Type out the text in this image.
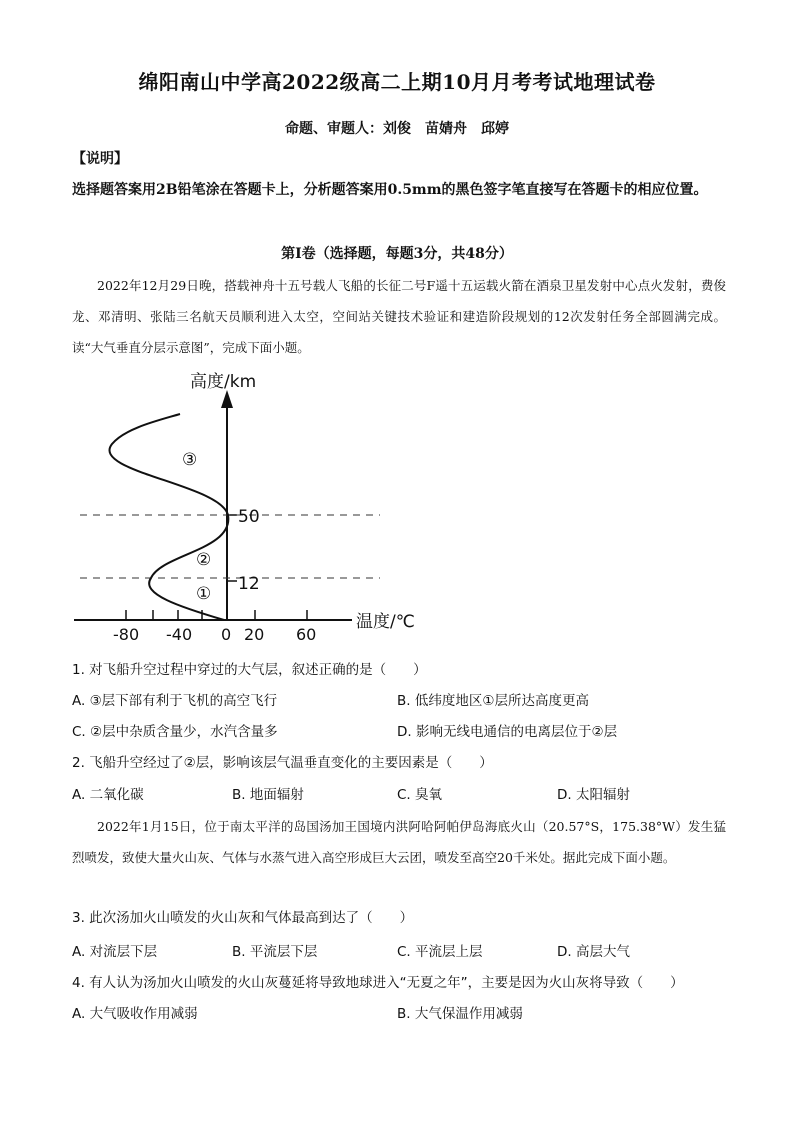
绵阳南山中学高2022级高二上期10月月考考试地理试卷
命题、审题人：刘俊　苗婧舟　邱婷
【说明】
选择题答案用2B铅笔涂在答题卡上，分析题答案用0.5mm的黑色签字笔直接写在答题卡的相应位置。
第Ⅰ卷（选择题，每题3分，共48分）
2022年12月29日晚，搭载神舟十五号载人飞船的长征二号F遥十五运载火箭在酒泉卫星发射中心点火发射，费俊龙、邓清明、张陆三名航天员顺利进入太空，空间站关键技术验证和建造阶段规划的12次发射任务全部圆满完成。读“大气垂直分层示意图”，完成下面小题。
高度/km
温度/℃
-80 -40 0 20 60
12
50
①
②
③
1. 对飞船升空过程中穿过的大气层，叙述正确的是（　　）
A. ③层下部有利于飞机的高空飞行	B. 低纬度地区①层所达高度更高
C. ②层中杂质含量少，水汽含量多	D. 影响无线电通信的电离层位于②层
2. 飞船升空经过了②层，影响该层气温垂直变化的主要因素是（　　）
A. 二氧化碳	B. 地面辐射	C. 臭氧	D. 太阳辐射
2022年1月15日，位于南太平洋的岛国汤加王国境内洪阿哈阿帕伊岛海底火山（20.57°S，175.38°W）发生猛烈喷发，致使大量火山灰、气体与水蒸气进入高空形成巨大云团，喷发至高空20千米处。据此完成下面小题。
3. 此次汤加火山喷发的火山灰和气体最高到达了（　　）
A. 对流层下层	B. 平流层下层	C. 平流层上层	D. 高层大气
4. 有人认为汤加火山喷发的火山灰蔓延将导致地球进入“无夏之年”，主要是因为火山灰将导致（　　）
A. 大气吸收作用减弱	B. 大气保温作用减弱
